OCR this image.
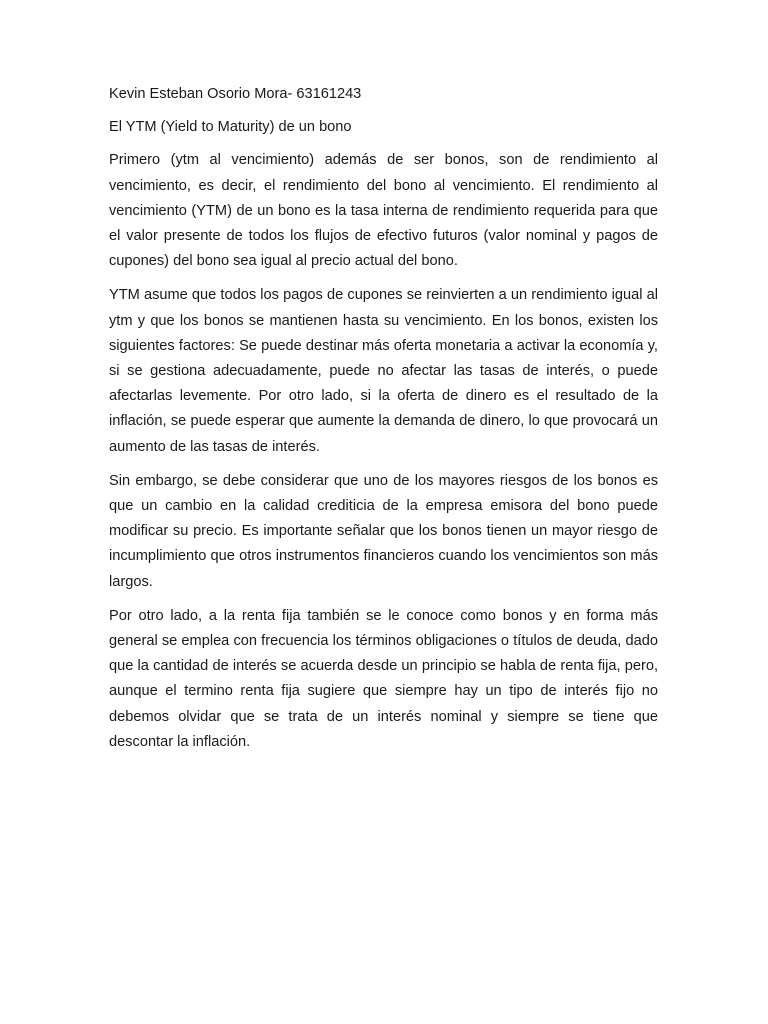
Kevin Esteban Osorio Mora- 63161243

El YTM (Yield to Maturity) de un bono

Primero (ytm al vencimiento) además de ser bonos, son de rendimiento al vencimiento, es decir, el rendimiento del bono al vencimiento. El rendimiento al vencimiento (YTM) de un bono es la tasa interna de rendimiento requerida para que el valor presente de todos los flujos de efectivo futuros (valor nominal y pagos de cupones) del bono sea igual al precio actual del bono.

YTM asume que todos los pagos de cupones se reinvierten a un rendimiento igual al ytm y que los bonos se mantienen hasta su vencimiento. En los bonos, existen los siguientes factores: Se puede destinar más oferta monetaria a activar la economía y, si se gestiona adecuadamente, puede no afectar las tasas de interés, o puede afectarlas levemente. Por otro lado, si la oferta de dinero es el resultado de la inflación, se puede esperar que aumente la demanda de dinero, lo que provocará un aumento de las tasas de interés.

Sin embargo, se debe considerar que uno de los mayores riesgos de los bonos es que un cambio en la calidad crediticia de la empresa emisora del bono puede modificar su precio. Es importante señalar que los bonos tienen un mayor riesgo de incumplimiento que otros instrumentos financieros cuando los vencimientos son más largos.

Por otro lado, a la renta fija también se le conoce como bonos y en forma más general se emplea con frecuencia los términos obligaciones o títulos de deuda, dado que la cantidad de interés se acuerda desde un principio se habla de renta fija, pero, aunque el termino renta fija sugiere que siempre hay un tipo de interés fijo no debemos olvidar que se trata de un interés nominal y siempre se tiene que descontar la inflación.
